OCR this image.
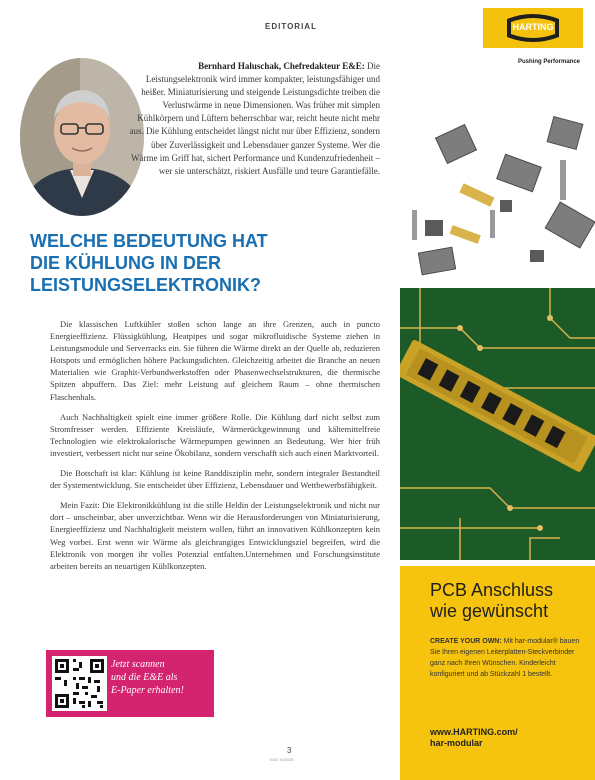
EDITORIAL
Bernhard Haluschak, Chefredakteur E&E: Die Leistungselektronik wird immer kompakter, leistungsfähiger und heißer. Miniaturisierung und steigende Leistungsdichte treiben die Verlustwärme in neue Dimensionen. Was früher mit simplen Kühlkörpern und Lüftern beherrschbar war, reicht heute nicht mehr aus. Die Kühlung entscheidet längst nicht nur über Effizienz, sondern über Zuverlässigkeit und Lebensdauer ganzer Systeme. Wer die Wärme im Griff hat, sichert Performance und Kundenzufriedenheit – wer sie unterschätzt, riskiert Ausfälle und teure Garantiefälle.
WELCHE BEDEUTUNG HAT
DIE KÜHLUNG IN DER
LEISTUNGSELEKTRONIK?

Die klassischen Luftkühler stoßen schon lange an ihre Grenzen, auch in puncto Energieeffizienz. Flüssigkühlung, Heatpipes und sogar mikrofluidische Systeme ziehen in Leistungsmodule und Serverracks ein. Sie führen die Wärme direkt an der Quelle ab, reduzieren Hotspots und ermöglichen höhere Packungsdichten. Gleichzeitig arbeitet die Branche an neuen Materialien wie Graphit-Verbundwerkstoffen oder Phasenwechselstrukturen, die thermische Spitzen abpuffern. Das Ziel: mehr Leistung auf gleichem Raum – ohne thermischen Flaschenhals.

Auch Nachhaltigkeit spielt eine immer größere Rolle. Die Kühlung darf nicht selbst zum Stromfresser werden. Effiziente Kreisläufe, Wärmerückgewinnung und kältemittelfreie Technologien wie elektrokalorische Wärmepumpen gewinnen an Bedeutung. Wer hier früh investiert, verbessert nicht nur seine Ökobilanz, sondern verschafft sich auch einen Marktvorteil.

Die Botschaft ist klar: Kühlung ist keine Randdisziplin mehr, sondern integraler Bestandteil der Systementwicklung. Sie entscheidet über Effizienz, Lebensdauer und Wettbewerbsfähigkeit.

Mein Fazit: Die Elektronikkühlung ist die stille Heldin der Leistungselektronik und nicht nur dort – unscheinbar, aber unverzichtbar. Wenn wir die Herausforderungen von Miniaturisierung, Energieeffizienz und Nachhaltigkeit meistern wollen, führt an innovativen Kühlkonzepten kein Weg vorbei. Erst wenn wir Wärme als gleichrangiges Entwicklungsziel begreifen, wird die Elektronik von morgen ihr volles Potenzial entfalten.Unternehmen und Forschungsinstitute arbeiten bereits an neuartigen Kühlkonzepten.

Jetzt scannen
und die E&E als
E-Paper erhalten!
3
E&E 10/2025
HARTING
Pushing Performance
PCB Anschluss
wie gewünscht
CREATE YOUR OWN: Mit har-modular® bauen Sie Ihren eigenen Leiterplatten-Steckverbinder ganz nach Ihren Wünschen. Kinderleicht konfiguriert und ab Stückzahl 1 bestellt.
www.HARTING.com/
har-modular
